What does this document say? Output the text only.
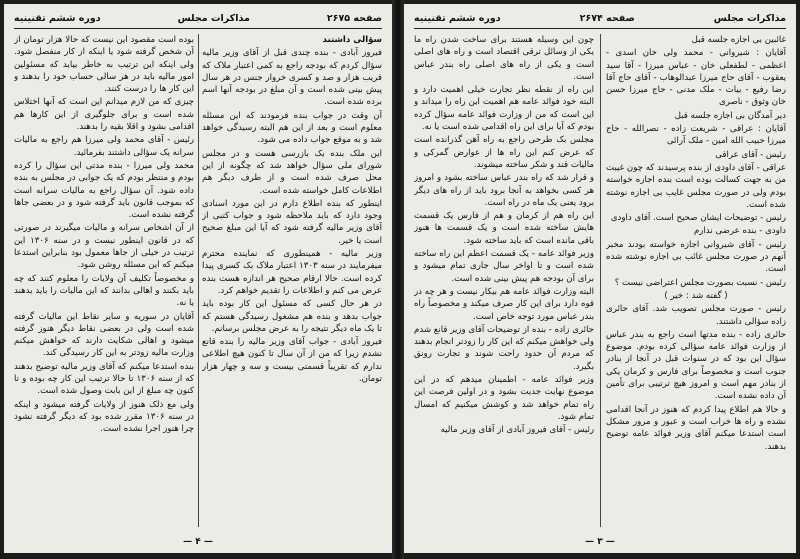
صفحه ۲۶۷۵
مذاکرات مجلس
دوره ششم تقنینیه

سؤالی داشتند

فیروز آبادی - بنده چندی قبل از آقای وزیر مالیه سؤال کردم که بودجه راجع به کمی اعتبار ملاک که قریب هزار و صد و کسری خروار جنس در هر سال پیش بینی شده است و آن مبلغ در بودجه آنها اسم برده شده است.

آن وقت در جواب بنده فرمودند که این مسئله معلوم است و بعد از این هم البته رسیدگی خواهد شد و به موقع جواب داده می شود.

این ملک بنده بک بازرسی هست و در مجلس شورای ملی سؤال خواهد شد که چگونه از این محل صرف شده است و از طرف دیگر هم اطلاعات کامل خواسته شده است.

اینطور که بنده اطلاع دارم در این مورد اسنادی وجود دارد که باید ملاحظه شود و جواب کتبی از آقای وزیر مالیه گرفته شود که آیا این مبلغ صحیح است یا خیر.

وزیر مالیه - همینطوری که نماینده محترم میفرمایند در سنه ۱۳۰۳ اعتبار ملاک بک کسری پیدا کرده است. حالا ارقام صحیح هر اندازه هست بنده عرض می کنم و اطلاعات را تقدیم خواهم کرد.

در هر حال کسی که مسئول این کار بوده باید جواب بدهد و بنده هم مشغول رسیدگی هستم که تا یک ماه دیگر نتیجه را به عرض مجلس برسانم.

فیروز آبادی - جواب آقای وزیر مالیه را بنده قانع نشدم زیرا که من از آن سال تا کنون هیچ اطلاعی ندارم که تقریباً قسمتی بیست و سه و چهار هزار تومان.

بوده است مقصود این نیست که حالا هزار تومان از آن شخص گرفته شود یا اینکه از کار منفصل شود. ولی اینکه این ترتیب به خاطر بیاید که مسئولین امور مالیه باید در هر سالی حساب خود را بدهند و این کار ها را درست کنند.

چیزی که من لازم میدانم این است که آنها اختلاس شده است و برای جلوگیری از این کارها هم اقدامی بشود و اقلا بقیه را بدهند.

رئیس - آقای محمد ولی میرزا هم راجع به مالیات سرانه یک سؤالی داشتند بفرمائید.

محمد ولی میرزا - بنده مدتی این سؤال را کرده بودم و منتظر بودم که یک جوابی در مجلس به بنده داده شود. آن سؤال راجع به مالیات سرانه است که بموجب قانون باید گرفته شود و در بعضی جاها گرفته نشده است.

از آن اشخاص سرانه و مالیات میگیرند در صورتی که در قانون اینطور نیست و در سنه ۱۳۰۶ این ترتیب در خیلی از جاها معمول بود بنابراین استدعا میکنم که این مسئله روشن شود.

و مخصوصاً تکلیف آن ولایات را معلوم کنند که چه باید بکنند و اهالی بدانند که این مالیات را باید بدهند یا نه.

آقایان در سوریه و سایر نقاط این مالیات گرفته شده است ولی در بعضی نقاط دیگر هنوز گرفته میشود و اهالی شکایت دارند که خواهش میکنم وزارت مالیه زودتر به این کار رسیدگی کند.

بنده استدعا میکنم که آقای وزیر مالیه توضیح بدهند که از سنه ۱۳۰۶ تا حالا ترتیب این کار چه بوده و تا کنون چه مبلغ از این بابت وصول شده است.

ولی مع ذلک هنوز از ولایات گرفته میشود و اینکه در سنه ۱۳۰۶ مقرر شده بود که دیگر گرفته نشود چرا هنوز اجرا نشده است.

— ۴ —
مذاکرات مجلس
صفحه ۲۶۷۴
دوره ششم تقنینیه

غائبین بی اجازه جلسه قبل

آقایان : شیروانی - محمد ولی خان اسدی - اعظمی - لطفعلی خان - عباس میرزا - آقا سید یعقوب - آقای حاج میرزا عبدالوهاب - آقای حاج آقا رضا رفیع - بیات - ملک مدنی - حاج میرزا حسن خان وثوق - ناصری

دیر آمدگان بی اجازه جلسه قبل

آقایان : عراقی - شریعت زاده - نصرالله - حاج میرزا حبیب الله امین - ملک آرائی

رئیس - آقای عراقی

عراقی - آقای داودی از بنده پرسیدند که چون غیبت من به جهت کسالت بوده است بنده اجازه خواسته بودم ولی در صورت مجلس غایب بی اجازه نوشته شده است.

رئیس - توضیحات ایشان صحیح است. آقای داودی

داودی - بنده عرضی ندارم

رئیس - آقای شیروانی اجازه خواسته بودند مخبر آنهم در صورت مجلس غائب بی اجازه نوشته شده است.

رئیس - نسبت بصورت مجلس اعتراضی نیست ؟

( گفته شد : خیر )

رئیس - صورت مجلس تصویب شد. آقای حائری زاده سؤالی داشتند.

حائری زاده - بنده مدتها است راجع به بندر عباس از وزارت فوائد عامه سؤالی کرده بودم. موضوع سؤال این بود که در سنوات قبل در آنجا از بنادر جنوب است و مخصوصاً برای فارس و کرمان یکی از بنادر مهم است و امروز هیچ ترتیبی برای تأمین آن داده نشده است.

و حالا هم اطلاع پیدا کردم که هنوز در آنجا اقدامی نشده و راه ها خراب است و عبور و مرور مشکل است استدعا میکنم آقای وزیر فوائد عامه توضیح بدهند.

چون این وسیله هستند برای ساخت شدن راه ما یکی از وسائل ترقی اقتصاد است و راه های اصلی است و یکی از راه های اصلی راه بندر عباس است.

این راه از نقطه نظر تجارت خیلی اهمیت دارد و البته خود فوائد عامه هم اهمیت این راه را میداند و این است که من از وزارت فوائد عامه سؤال کرده بودم که آیا برای این راه اقدامی شده است یا نه.

مجلس بک طرحی راجع به راه آهن گذرانده است که عرض کنم این راه ها از عوارض گمرکی و مالیات قند و شکر ساخته میشوند.

و قرار شد که راه بندر عباس ساخته بشود و امروز هر کسی بخواهد به آنجا برود باید از راه های دیگر برود یعنی یک ماه در راه است.

این راه هم از کرمان و هم از فارس یک قسمت هایش ساخته شده است و یک قسمت ها هنوز باقی مانده است که باید ساخته شود.

وزیر فوائد عامه - یک قسمت اعظم این راه ساخته شده است و تا اواخر سال جاری تمام میشود و برای آن بودجه هم پیش بینی شده است.

البته وزارت فوائد عامه هم بیکار نیست و هر چه در قوه دارد برای این کار صرف میکند و مخصوصاً راه بندر عباس مورد توجه خاص است.

حائری زاده - بنده از توضیحات آقای وزیر قانع شدم ولی خواهش میکنم که این کار را زودتر انجام بدهند که مردم آن حدود راحت شوند و تجارت رونق بگیرد.

وزیر فوائد عامه - اطمینان میدهم که در این موضوع نهایت جدیت بشود و در اولین فرصت این راه تمام خواهد شد و کوشش میکنیم که امسال تمام شود.

رئیس - آقای فیروز آبادی از آقای وزیر مالیه

— ۳ —
